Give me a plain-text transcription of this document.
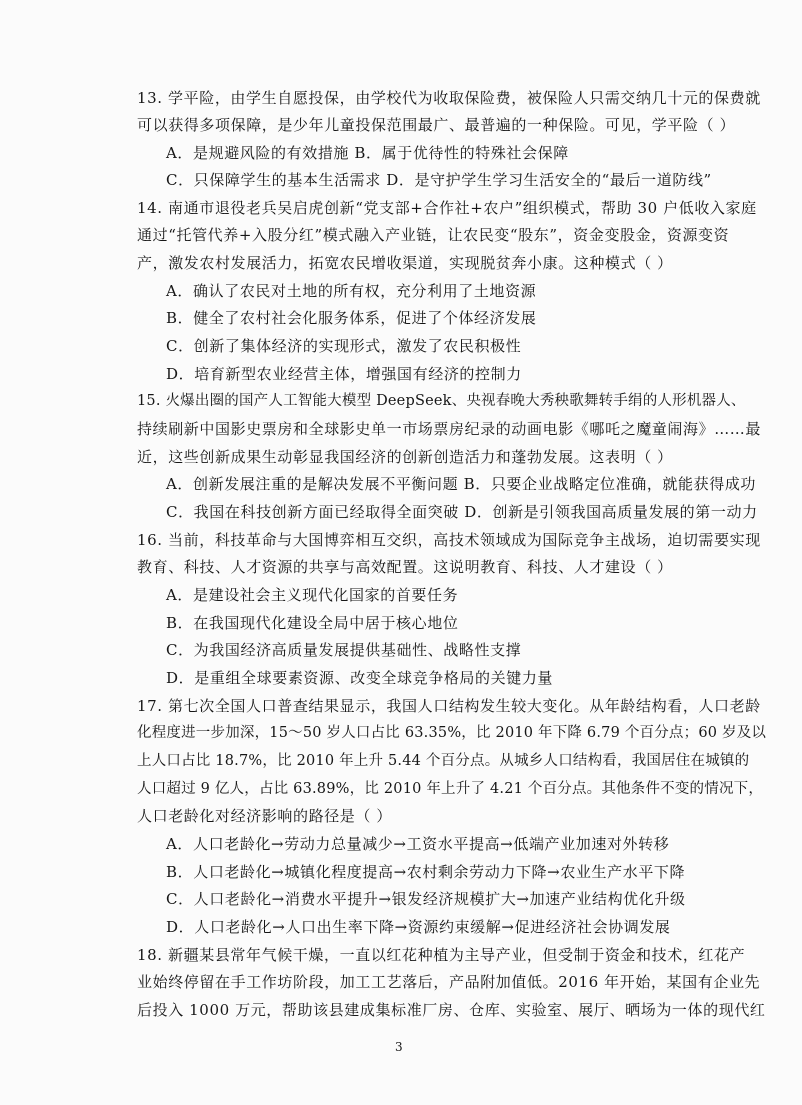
13. 学平险，由学生自愿投保，由学校代为收取保险费，被保险人只需交纳几十元的保费就
可以获得多项保障，是少年儿童投保范围最广、最普遍的一种保险。可见，学平险（ ）
A．是规避风险的有效措施 B．属于优待性的特殊社会保障
C．只保障学生的基本生活需求 D．是守护学生学习生活安全的“最后一道防线”
14. 南通市退役老兵吴启虎创新“党支部+合作社+农户”组织模式，帮助 30 户低收入家庭
通过“托管代养+入股分红”模式融入产业链，让农民变“股东”，资金变股金，资源变资
产，激发农村发展活力，拓宽农民增收渠道，实现脱贫奔小康。这种模式（ ）
A．确认了农民对土地的所有权，充分利用了土地资源
B．健全了农村社会化服务体系，促进了个体经济发展
C．创新了集体经济的实现形式，激发了农民积极性
D．培育新型农业经营主体，增强国有经济的控制力
15. 火爆出圈的国产人工智能大模型 DeepSeek、央视春晚大秀秧歌舞转手绢的人形机器人、
持续刷新中国影史票房和全球影史单一市场票房纪录的动画电影《哪吒之魔童闹海》……最
近，这些创新成果生动彰显我国经济的创新创造活力和蓬勃发展。这表明（ ）
A．创新发展注重的是解决发展不平衡问题 B．只要企业战略定位准确，就能获得成功
C．我国在科技创新方面已经取得全面突破 D．创新是引领我国高质量发展的第一动力
16. 当前，科技革命与大国博弈相互交织，高技术领域成为国际竞争主战场，迫切需要实现
教育、科技、人才资源的共享与高效配置。这说明教育、科技、人才建设（ ）
A．是建设社会主义现代化国家的首要任务
B．在我国现代化建设全局中居于核心地位
C．为我国经济高质量发展提供基础性、战略性支撑
D．是重组全球要素资源、改变全球竞争格局的关键力量
17. 第七次全国人口普查结果显示，我国人口结构发生较大变化。从年龄结构看，人口老龄
化程度进一步加深，15～50 岁人口占比 63.35%，比 2010 年下降 6.79 个百分点；60 岁及以
上人口占比 18.7%，比 2010 年上升 5.44 个百分点。从城乡人口结构看，我国居住在城镇的
人口超过 9 亿人，占比 63.89%，比 2010 年上升了 4.21 个百分点。其他条件不变的情况下，
人口老龄化对经济影响的路径是（ ）
A．人口老龄化→劳动力总量减少→工资水平提高→低端产业加速对外转移
B．人口老龄化→城镇化程度提高→农村剩余劳动力下降→农业生产水平下降
C．人口老龄化→消费水平提升→银发经济规模扩大→加速产业结构优化升级
D．人口老龄化→人口出生率下降→资源约束缓解→促进经济社会协调发展
18. 新疆某县常年气候干燥，一直以红花种植为主导产业，但受制于资金和技术，红花产
业始终停留在手工作坊阶段，加工工艺落后，产品附加值低。2016 年开始，某国有企业先
后投入 1000 万元，帮助该县建成集标准厂房、仓库、实验室、展厅、晒场为一体的现代红
3
